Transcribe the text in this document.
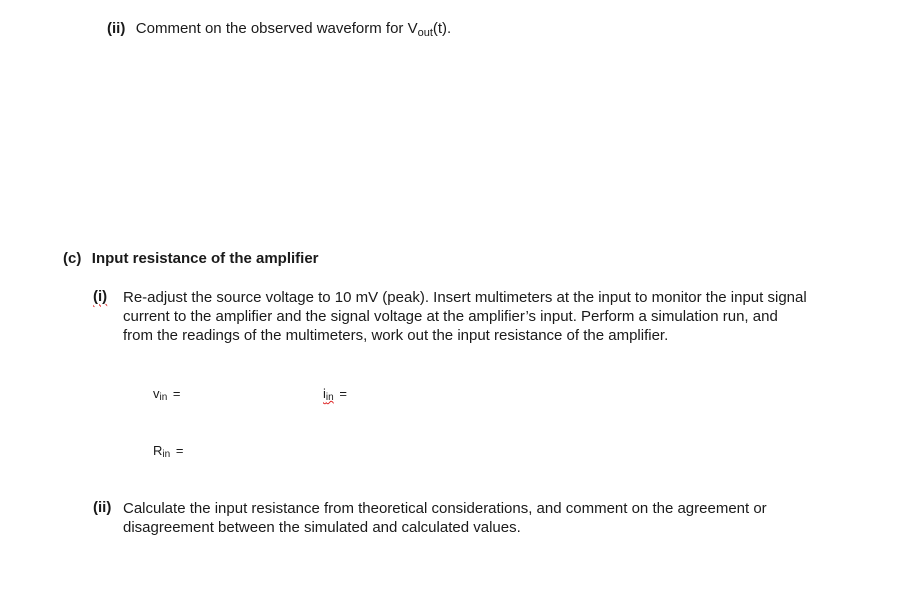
(ii) Comment on the observed waveform for $V_{out}(t)$.
(c) Input resistance of the amplifier
(i) Re-adjust the source voltage to 10 mV (peak). Insert multimeters at the input to monitor the input signal
current to the amplifier and the signal voltage at the amplifier’s input. Perform a simulation run, and
from the readings of the multimeters, work out the input resistance of the amplifier.
vin =	iin =
Rin =
(ii) Calculate the input resistance from theoretical considerations, and comment on the agreement or
disagreement between the simulated and calculated values.
